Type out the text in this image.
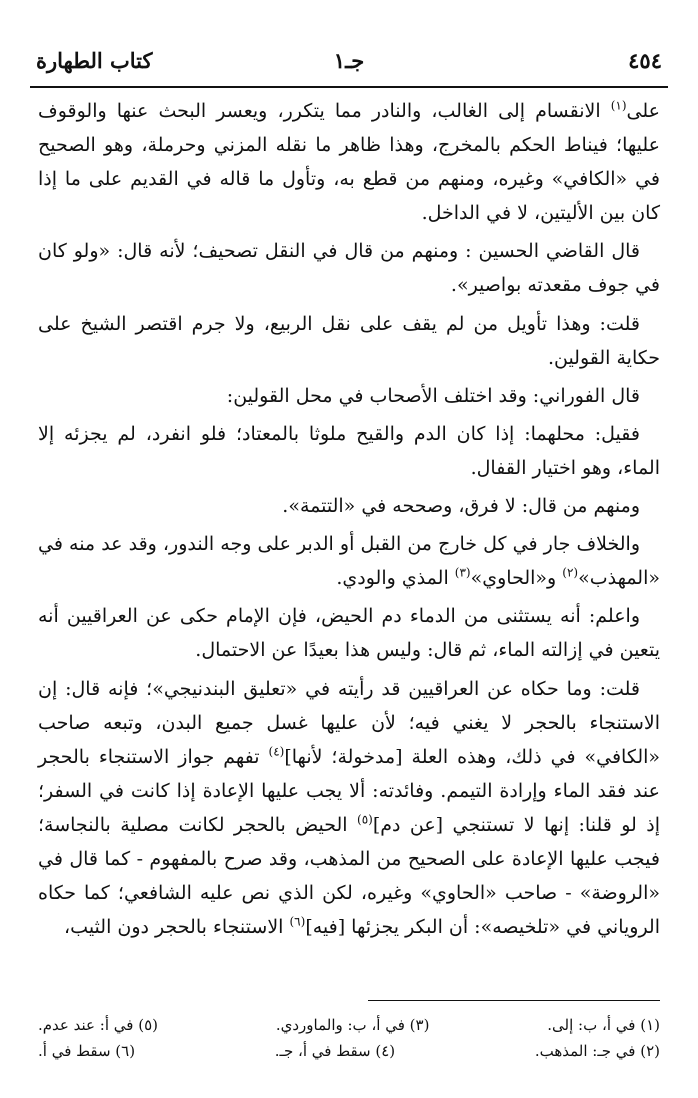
٤٥٤
جـ١
كتاب الطهارة

على$^{(١)}$ الانقسام إلى الغالب، والنادر مما يتكرر، ويعسر البحث عنها والوقوف عليها؛ فيناط الحكم بالمخرج، وهذا ظاهر ما نقله المزني وحرملة، وهو الصحيح في «الكافي» وغيره، ومنهم من قطع به، وتأول ما قاله في القديم على ما إذا كان بين الأليتين، لا في الداخل.

قال القاضي الحسين : ومنهم من قال في النقل تصحيف؛ لأنه قال: «ولو كان في جوف مقعدته بواصير».

قلت: وهذا تأويل من لم يقف على نقل الربيع، ولا جرم اقتصر الشيخ على حكاية القولين.

قال الفوراني: وقد اختلف الأصحاب في محل القولين:

فقيل: محلهما: إذا كان الدم والقيح ملوثا بالمعتاد؛ فلو انفرد، لم يجزئه إلا الماء، وهو اختيار القفال.

ومنهم من قال: لا فرق، وصححه في «التتمة».

والخلاف جار في كل خارج من القبل أو الدبر على وجه الندور، وقد عد منه في «المهذب»$^{(٢)}$ و«الحاوي»$^{(٣)}$ المذي والودي.

واعلم: أنه يستثنى من الدماء دم الحيض، فإن الإمام حكى عن العراقيين أنه يتعين في إزالته الماء، ثم قال: وليس هذا بعيدًا عن الاحتمال.

قلت: وما حكاه عن العراقيين قد رأيته في «تعليق البندنيجي»؛ فإنه قال: إن الاستنجاء بالحجر لا يغني فيه؛ لأن عليها غسل جميع البدن، وتبعه صاحب «الكافي» في ذلك، وهذه العلة [مدخولة؛ لأنها]$^{(٤)}$ تفهم جواز الاستنجاء بالحجر عند فقد الماء وإرادة التيمم. وفائدته: ألا يجب عليها الإعادة إذا كانت في السفر؛ إذ لو قلنا: إنها لا تستنجي [عن دم]$^{(٥)}$ الحيض بالحجر لكانت مصلية بالنجاسة؛ فيجب عليها الإعادة على الصحيح من المذهب، وقد صرح بالمفهوم - كما قال في «الروضة» - صاحب «الحاوي» وغيره، لكن الذي نص عليه الشافعي؛ كما حكاه الروياني في «تلخيصه»: أن البكر يجزئها [فيه]$^{(٦)}$ الاستنجاء بالحجر دون الثيب،

(١) في أ، ب: إلى.
(٣) في أ، ب: والماوردي.
(٥) في أ: عند عدم.
(٢) في جـ: المذهب.
(٤) سقط في أ، جـ.
(٦) سقط في أ.
